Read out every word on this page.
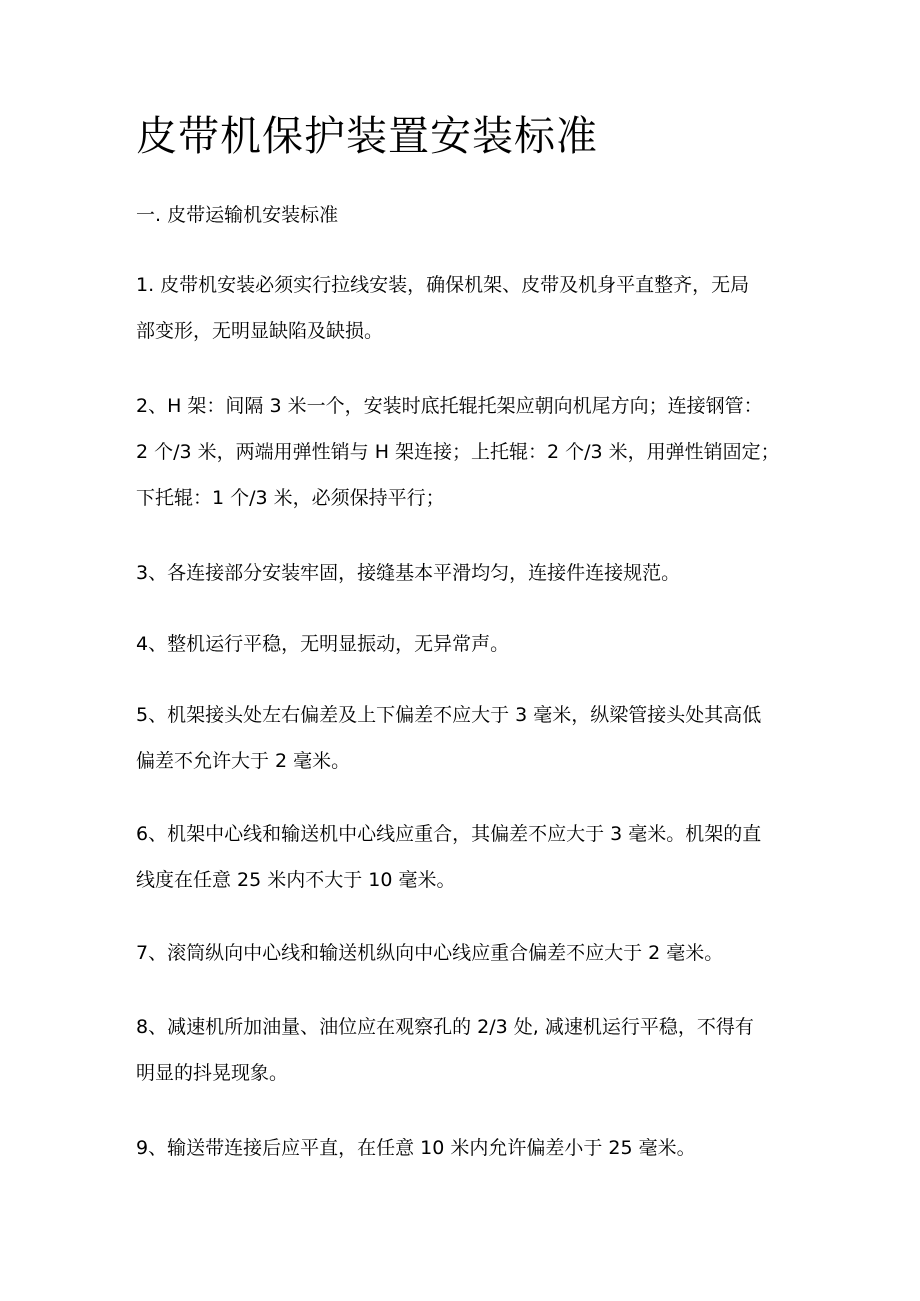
皮带机保护装置安装标准
一. 皮带运输机安装标准

1. 皮带机安装必须实行拉线安装，确保机架、皮带及机身平直整齐，无局
部变形，无明显缺陷及缺损。

2、H 架：间隔 3 米一个，安装时底托辊托架应朝向机尾方向；连接钢管：
2 个/3 米，两端用弹性销与 H 架连接；上托辊：2 个/3 米，用弹性销固定；
下托辊：1 个/3 米，必须保持平行；

3、各连接部分安装牢固，接缝基本平滑均匀，连接件连接规范。

4、整机运行平稳，无明显振动，无异常声。

5、机架接头处左右偏差及上下偏差不应大于 3 毫米，纵梁管接头处其高低
偏差不允许大于 2 毫米。

6、机架中心线和输送机中心线应重合，其偏差不应大于 3 毫米。机架的直
线度在任意 25 米内不大于 10 毫米。

7、滚筒纵向中心线和输送机纵向中心线应重合偏差不应大于 2 毫米。

8、减速机所加油量、油位应在观察孔的 2/3 处, 减速机运行平稳，不得有
明显的抖晃现象。

9、输送带连接后应平直，在任意 10 米内允许偏差小于 25 毫米。
